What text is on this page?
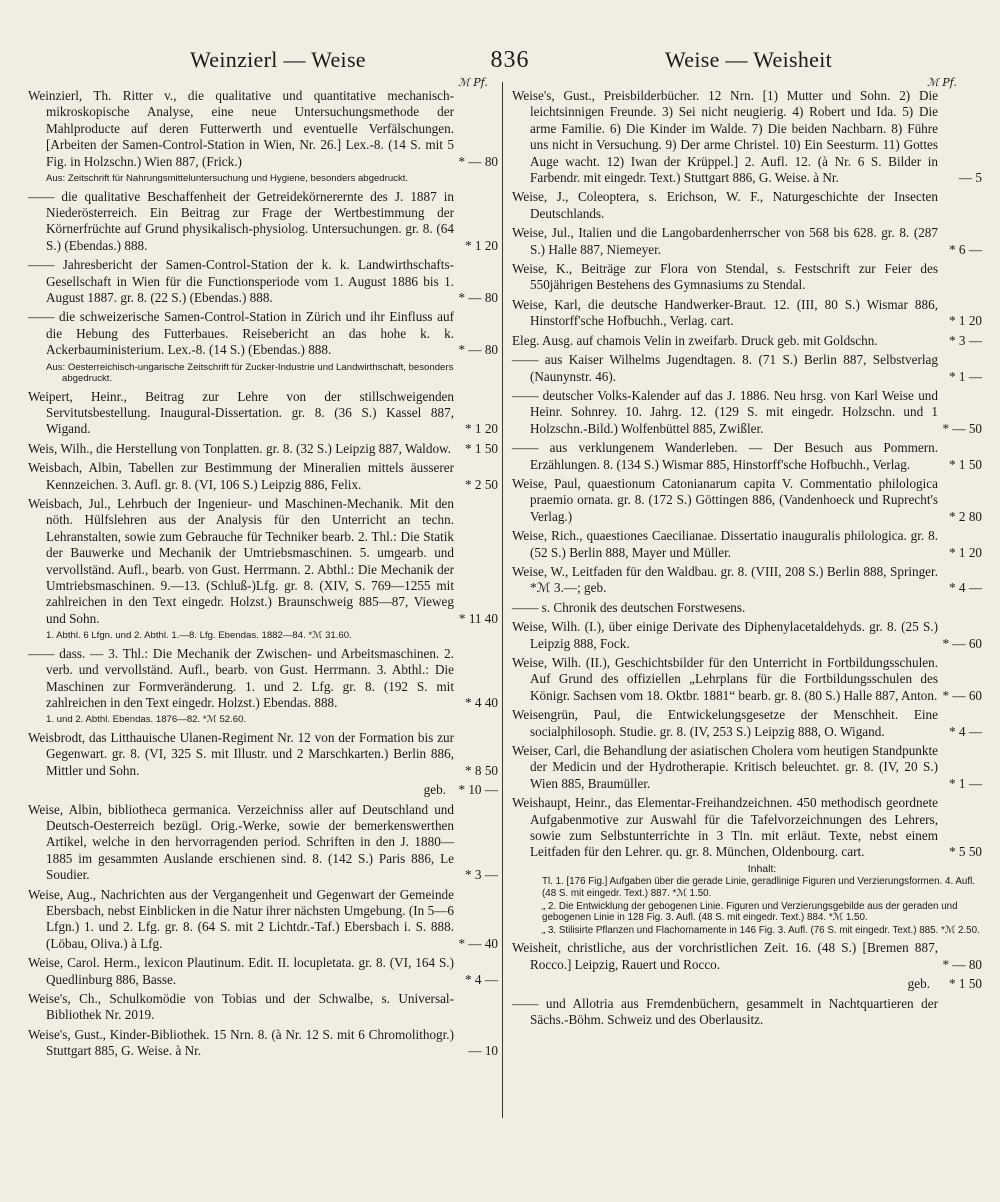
Weinzierl — Weise	836	Weise — Weisheit
ℳ Pf.	ℳ Pf.
Weinzierl, Th. Ritter v., die qualitative und quantitative mechanisch-mikroskopische Analyse, eine neue Untersuchungsmethode der Mahlproducte auf deren Futterwerth und eventuelle Verfälschungen. [Arbeiten der Samen-Control-Station in Wien, Nr. 26.] Lex.-8. (14 S. mit 5 Fig. in Holzschn.) Wien 887, (Frick.)	* — 80
Aus: Zeitschrift für Nahrungsmitteluntersuchung und Hygiene, besonders abgedruckt.
—— die qualitative Beschaffenheit der Getreidekörnerernte des J. 1887 in Niederösterreich. Ein Beitrag zur Frage der Wertbestimmung der Körnerfrüchte auf Grund physikalisch-physiolog. Untersuchungen. gr. 8. (64 S.) (Ebendas.) 888.	* 1 20
—— Jahresbericht der Samen-Control-Station der k. k. Landwirthschafts-Gesellschaft in Wien für die Functionsperiode vom 1. August 1886 bis 1. August 1887. gr. 8. (22 S.) (Ebendas.) 888.	* — 80
—— die schweizerische Samen-Control-Station in Zürich und ihr Einfluss auf die Hebung des Futterbaues. Reisebericht an das hohe k. k. Ackerbauministerium. Lex.-8. (14 S.) (Ebendas.) 888.	* — 80
Aus: Oesterreichisch-ungarische Zeitschrift für Zucker-Industrie und Landwirthschaft, besonders abgedruckt.
Weipert, Heinr., Beitrag zur Lehre von der stillschweigenden Servitutsbestellung. Inaugural-Dissertation. gr. 8. (36 S.) Kassel 887, Wigand.	* 1 20
Weis, Wilh., die Herstellung von Tonplatten. gr. 8. (32 S.) Leipzig 887, Waldow. * 1 50
Weisbach, Albin, Tabellen zur Bestimmung der Mineralien mittels äusserer Kennzeichen. 3. Aufl. gr. 8. (VI, 106 S.) Leipzig 886, Felix.	* 2 50
Weisbach, Jul., Lehrbuch der Ingenieur- und Maschinen-Mechanik. Mit den nöth. Hülfslehren aus der Analysis für den Unterricht an techn. Lehranstalten, sowie zum Gebrauche für Techniker bearb. 2. Thl.: Die Statik der Bauwerke und Mechanik der Umtriebsmaschinen. 5. umgearb. und vervollständ. Aufl., bearb. von Gust. Herrmann. 2. Abthl.: Die Mechanik der Umtriebsmaschinen. 9.—13. (Schluß-)Lfg. gr. 8. (XIV, S. 769—1255 mit zahlreichen in den Text eingedr. Holzst.) Braunschweig 885—87, Vieweg und Sohn.	* 11 40
1. Abthl. 6 Lfgn. und 2. Abthl. 1.—8. Lfg. Ebendas. 1882—84. *ℳ 31.60.
—— dass. — 3. Thl.: Die Mechanik der Zwischen- und Arbeitsmaschinen. 2. verb. und vervollständ. Aufl., bearb. von Gust. Herrmann. 3. Abthl.: Die Maschinen zur Formveränderung. 1. und 2. Lfg. gr. 8. (192 S. mit zahlreichen in den Text eingedr. Holzst.) Ebendas. 888.	* 4 40
1. und 2. Abthl. Ebendas. 1876—82. *ℳ 52.60.
Weisbrodt, das Litthauische Ulanen-Regiment Nr. 12 von der Formation bis zur Gegenwart. gr. 8. (VI, 325 S. mit Illustr. und 2 Marschkarten.) Berlin 886, Mittler und Sohn.	* 8 50
geb. * 10 —
Weise, Albin, bibliotheca germanica. Verzeichniss aller auf Deutschland und Deutsch-Oesterreich bezügl. Orig.-Werke, sowie der bemerkenswerthen Artikel, welche in den hervorragenden period. Schriften in den J. 1880—1885 im gesammten Auslande erschienen sind. 8. (142 S.) Paris 886, Le Soudier.	* 3 —
Weise, Aug., Nachrichten aus der Vergangenheit und Gegenwart der Gemeinde Ebersbach, nebst Einblicken in die Natur ihrer nächsten Umgebung. (In 5—6 Lfgn.) 1. und 2. Lfg. gr. 8. (64 S. mit 2 Lichtdr.-Taf.) Ebersbach i. S. 888. (Löbau, Oliva.) à Lfg.	* — 40
Weise, Carol. Herm., lexicon Plautinum. Edit. II. locupletata. gr. 8. (VI, 164 S.) Quedlinburg 886, Basse.	* 4 —
Weise's, Ch., Schulkomödie von Tobias und der Schwalbe, s. Universal-Bibliothek Nr. 2019.
Weise's, Gust., Kinder-Bibliothek. 15 Nrn. 8. (à Nr. 12 S. mit 6 Chromolithogr.) Stuttgart 885, G. Weise. à Nr.	— 10
Weise's, Gust., Preisbilderbücher. 12 Nrn. [1) Mutter und Sohn. 2) Die leichtsinnigen Freunde. 3) Sei nicht neugierig. 4) Robert und Ida. 5) Die arme Familie. 6) Die Kinder im Walde. 7) Die beiden Nachbarn. 8) Führe uns nicht in Versuchung. 9) Der arme Christel. 10) Ein Seesturm. 11) Gottes Auge wacht. 12) Iwan der Krüppel.] 2. Aufl. 12. (à Nr. 6 S. Bilder in Farbendr. mit eingedr. Text.) Stuttgart 886, G. Weise. à Nr.	— 5
Weise, J., Coleoptera, s. Erichson, W. F., Naturgeschichte der Insecten Deutschlands.
Weise, Jul., Italien und die Langobardenherrscher von 568 bis 628. gr. 8. (287 S.) Halle 887, Niemeyer.	* 6 —
Weise, K., Beiträge zur Flora von Stendal, s. Festschrift zur Feier des 550jährigen Bestehens des Gymnasiums zu Stendal.
Weise, Karl, die deutsche Handwerker-Braut. 12. (III, 80 S.) Wismar 886, Hinstorff'sche Hofbuchh., Verlag. cart.	* 1 20
Eleg. Ausg. auf chamois Velin in zweifarb. Druck geb. mit Goldschn.	* 3 —
—— aus Kaiser Wilhelms Jugendtagen. 8. (71 S.) Berlin 887, Selbstverlag (Naunynstr. 46).	* 1 —
—— deutscher Volks-Kalender auf das J. 1886. Neu hrsg. von Karl Weise und Heinr. Sohnrey. 10. Jahrg. 12. (129 S. mit eingedr. Holzschn. und 1 Holzschn.-Bild.) Wolfenbüttel 885, Zwißler.	* — 50
—— aus verklungenem Wanderleben. — Der Besuch aus Pommern. Erzählungen. 8. (134 S.) Wismar 885, Hinstorff'sche Hofbuchh., Verlag.	* 1 50
Weise, Paul, quaestionum Catonianarum capita V. Commentatio philologica praemio ornata. gr. 8. (172 S.) Göttingen 886, (Vandenhoeck und Ruprecht's Verlag.)	* 2 80
Weise, Rich., quaestiones Caecilianae. Dissertatio inauguralis philologica. gr. 8. (52 S.) Berlin 888, Mayer und Müller.	* 1 20
Weise, W., Leitfaden für den Waldbau. gr. 8. (VIII, 208 S.) Berlin 888, Springer. *ℳ 3.—; geb.	* 4 —
—— s. Chronik des deutschen Forstwesens.
Weise, Wilh. (I.), über einige Derivate des Diphenylacetaldehyds. gr. 8. (25 S.) Leipzig 888, Fock.	* — 60
Weise, Wilh. (II.), Geschichtsbilder für den Unterricht in Fortbildungsschulen. Auf Grund des offiziellen „Lehrplans für die Fortbildungsschulen des Königr. Sachsen vom 18. Oktbr. 1881“ bearb. gr. 8. (80 S.) Halle 887, Anton. * — 60
Weisengrün, Paul, die Entwickelungsgesetze der Menschheit. Eine socialphilosoph. Studie. gr. 8. (IV, 253 S.) Leipzig 888, O. Wigand.	* 4 —
Weiser, Carl, die Behandlung der asiatischen Cholera vom heutigen Standpunkte der Medicin und der Hydrotherapie. Kritisch beleuchtet. gr. 8. (IV, 20 S.) Wien 885, Braumüller.	* 1 —
Weishaupt, Heinr., das Elementar-Freihandzeichnen. 450 methodisch geordnete Aufgabenmotive zur Auswahl für die Tafelvorzeichnungen des Lehrers, sowie zum Selbstunterrichte in 3 Tln. mit erläut. Texte, nebst einem Leitfaden für den Lehrer. qu. gr. 8. München, Oldenbourg. cart.	* 5 50
Inhalt:
Tl. 1. [176 Fig.] Aufgaben über die gerade Linie, geradlinige Figuren und Verzierungsformen. 4. Aufl. (48 S. mit eingedr. Text.) 887. *ℳ 1.50.
„ 2. Die Entwicklung der gebogenen Linie. Figuren und Verzierungsgebilde aus der geraden und gebogenen Linie in 128 Fig. 3. Aufl. (48 S. mit eingedr. Text.) 884. *ℳ 1.50.
„ 3. Stilisirte Pflanzen und Flachornamente in 146 Fig. 3. Aufl. (76 S. mit eingedr. Text.) 885. *ℳ 2.50.
Weisheit, christliche, aus der vorchristlichen Zeit. 16. (48 S.) [Bremen 887, Rocco.] Leipzig, Rauert und Rocco.	* — 80
geb. * 1 50
—— und Allotria aus Fremdenbüchern, gesammelt in Nachtquartieren der Sächs.-Böhm. Schweiz und des Oberlausitz.
